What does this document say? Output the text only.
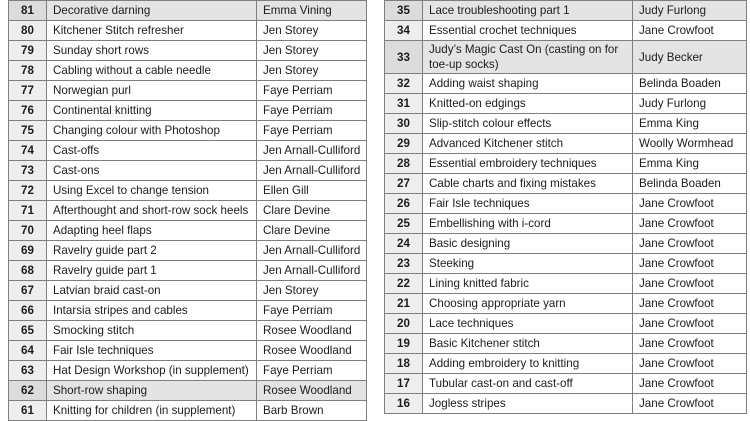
81	Decorative darning	Emma Vining
80	Kitchener Stitch refresher	Jen Storey
79	Sunday short rows	Jen Storey
78	Cabling without a cable needle	Jen Storey
77	Norwegian purl	Faye Perriam
76	Continental knitting	Faye Perriam
75	Changing colour with Photoshop	Faye Perriam
74	Cast-offs	Jen Arnall-Culliford
73	Cast-ons	Jen Arnall-Culliford
72	Using Excel to change tension	Ellen Gill
71	Afterthought and short-row sock heels	Clare Devine
70	Adapting heel flaps	Clare Devine
69	Ravelry guide part 2	Jen Arnall-Culliford
68	Ravelry guide part 1	Jen Arnall-Culliford
67	Latvian braid cast-on	Jen Storey
66	Intarsia stripes and cables	Faye Perriam
65	Smocking stitch	Rosee Woodland
64	Fair Isle techniques	Rosee Woodland
63	Hat Design Workshop (in supplement)	Faye Perriam
62	Short-row shaping	Rosee Woodland
61	Knitting for children (in supplement)	Barb Brown
35	Lace troubleshooting part 1	Judy Furlong
34	Essential crochet techniques	Jane Crowfoot
33	Judy’s Magic Cast On (casting on for toe-up socks)	Judy Becker
32	Adding waist shaping	Belinda Boaden
31	Knitted-on edgings	Judy Furlong
30	Slip-stitch colour effects	Emma King
29	Advanced Kitchener stitch	Woolly Wormhead
28	Essential embroidery techniques	Emma King
27	Cable charts and fixing mistakes	Belinda Boaden
26	Fair Isle techniques	Jane Crowfoot
25	Embellishing with i-cord	Jane Crowfoot
24	Basic designing	Jane Crowfoot
23	Steeking	Jane Crowfoot
22	Lining knitted fabric	Jane Crowfoot
21	Choosing appropriate yarn	Jane Crowfoot
20	Lace techniques	Jane Crowfoot
19	Basic Kitchener stitch	Jane Crowfoot
18	Adding embroidery to knitting	Jane Crowfoot
17	Tubular cast-on and cast-off	Jane Crowfoot
16	Jogless stripes	Jane Crowfoot
